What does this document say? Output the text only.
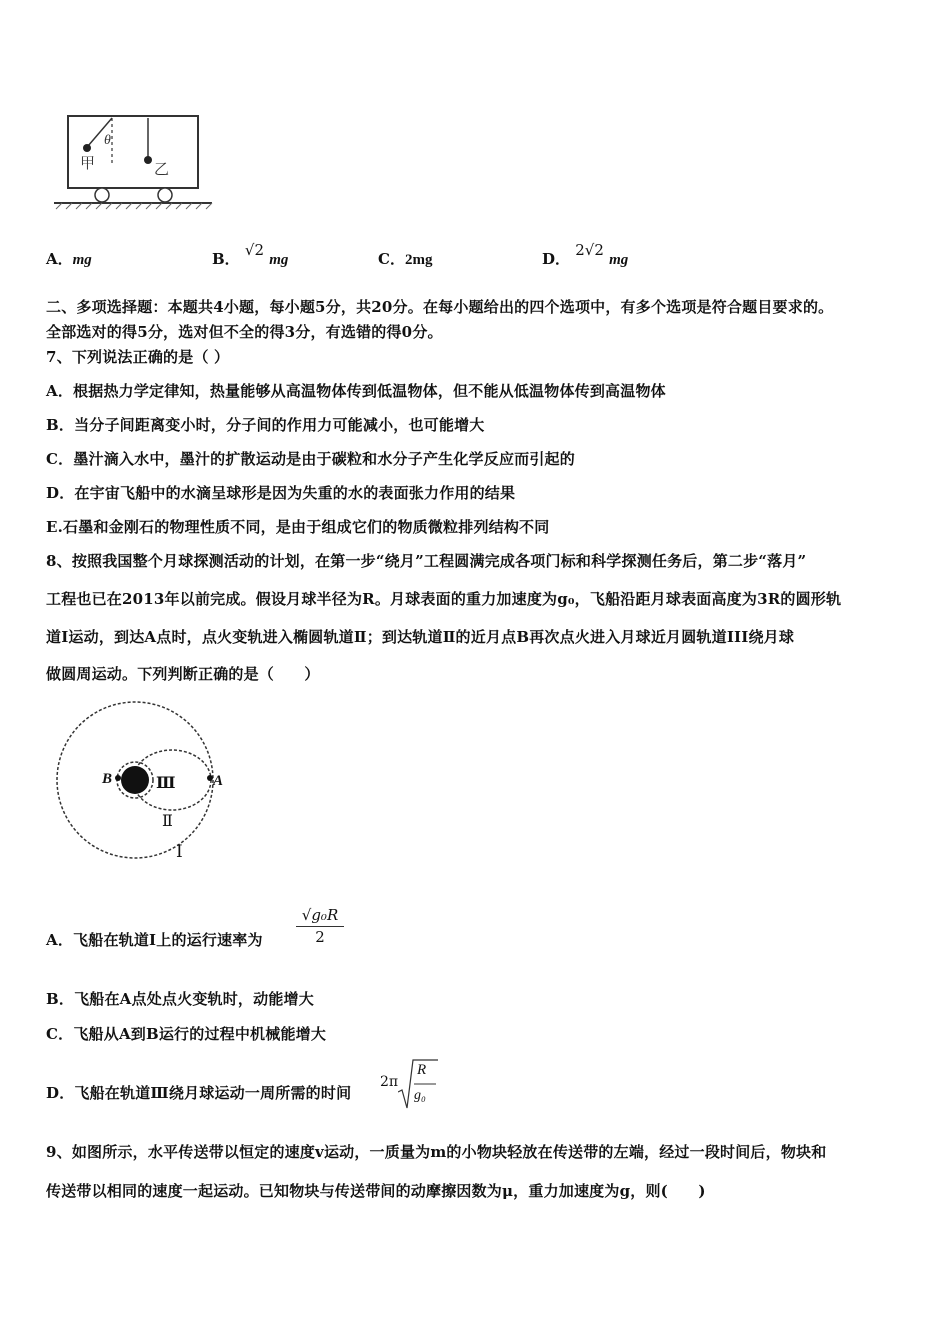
θ
甲	乙
A．mg	B． √2 mg	C．2mg	D． 2√2 mg
二、多项选择题：本题共4小题，每小题5分，共20分。在每小题给出的四个选项中，有多个选项是符合题目要求的。
全部选对的得5分，选对但不全的得3分，有选错的得0分。
7、下列说法正确的是（ ）
A．根据热力学定律知，热量能够从高温物体传到低温物体，但不能从低温物体传到高温物体
B．当分子间距离变小时，分子间的作用力可能减小，也可能增大
C．墨汁滴入水中，墨汁的扩散运动是由于碳粒和水分子产生化学反应而引起的
D．在宇宙飞船中的水滴呈球形是因为失重的水的表面张力作用的结果
E.石墨和金刚石的物理性质不同，是由于组成它们的物质微粒排列结构不同
8、按照我国整个月球探测活动的计划，在第一步“绕月”工程圆满完成各项门标和科学探测任务后，第二步“落月”
工程也已在2013年以前完成。假设月球半径为R。月球表面的重力加速度为g₀，飞船沿距月球表面高度为3R的圆形轨
道Ⅰ运动，到达A点时，点火变轨进入椭圆轨道Ⅱ；到达轨道Ⅱ的近月点B再次点火进入月球近月圆轨道III绕月球
做圆周运动。下列判断正确的是（　　）
B	A
Ⅲ
Ⅱ
Ⅰ
A．飞船在轨道Ⅰ上的运行速率为 $\frac{\text{√g₀R}}{2}$
B．飞船在A点处点火变轨时，动能增大
C．飞船从A到B运行的过程中机械能增大
D．飞船在轨道Ⅲ绕月球运动一周所需的时间
2π
R
g₀
9、如图所示，水平传送带以恒定的速度v运动，一质量为m的小物块轻放在传送带的左端，经过一段时间后，物块和
传送带以相同的速度一起运动。已知物块与传送带间的动摩擦因数为μ，重力加速度为g，则(　　)
